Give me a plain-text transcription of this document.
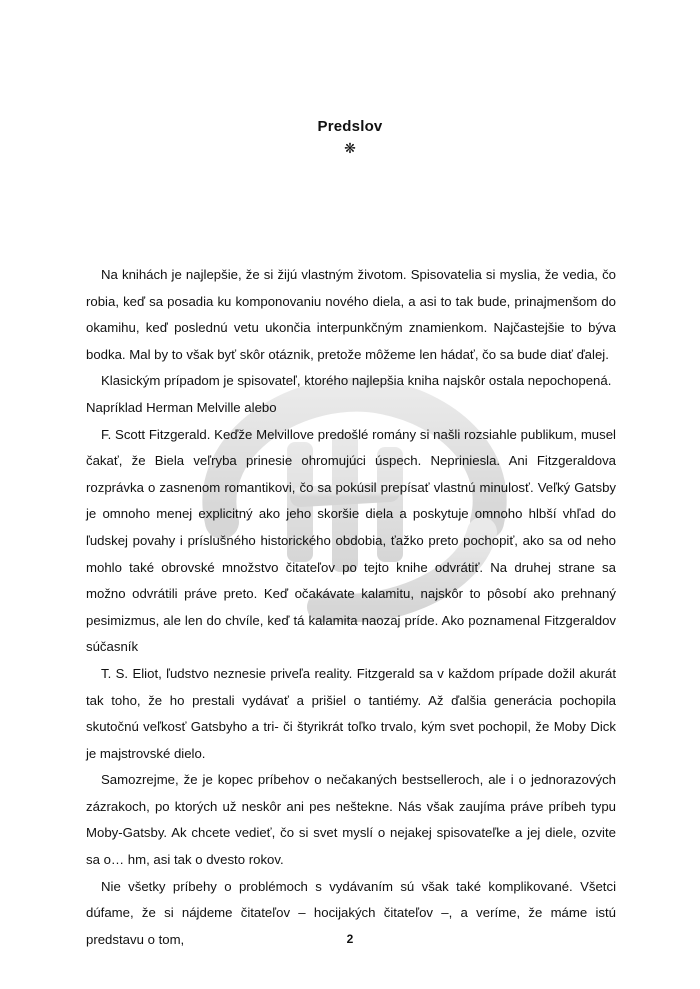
Predslov
❋

Na knihách je najlepšie, že si žijú vlastným životom. Spisovatelia si myslia, že vedia, čo robia, keď sa posadia ku komponovaniu nového diela, a asi to tak bude, prinajmenšom do okamihu, keď poslednú vetu ukončia interpunkčným znamienkom. Najčastejšie to býva bodka. Mal by to však byť skôr otáznik, pretože môžeme len hádať, čo sa bude diať ďalej.

Klasickým prípadom je spisovateľ, ktorého najlepšia kniha najskôr ostala nepochopená. Napríklad Herman Melville alebo

F. Scott Fitzgerald. Keďže Melvillove predošlé romány si našli rozsiahle publikum, musel čakať, že Biela veľryba prinesie ohromujúci úspech. Nepriniesla. Ani Fitzgeraldova rozprávka o zasnenom romantikovi, čo sa pokúsil prepísať vlastnú minulosť. Veľký Gatsby je omnoho menej explicitný ako jeho skoršie diela a poskytuje omnoho hlbší vhľad do ľudskej povahy i príslušného historického obdobia, ťažko preto pochopiť, ako sa od neho mohlo také obrovské množstvo čitateľov po tejto knihe odvrátiť. Na druhej strane sa možno odvrátili práve preto. Keď očakávate kalamitu, najskôr to pôsobí ako prehnaný pesimizmus, ale len do chvíle, keď tá kalamita naozaj príde. Ako poznamenal Fitzgeraldov súčasník

T. S. Eliot, ľudstvo neznesie priveľa reality. Fitzgerald sa v každom prípade dožil akurát tak toho, že ho prestali vydávať a prišiel o tantiémy. Až ďalšia generácia pochopila skutočnú veľkosť Gatsbyho a tri- či štyrikrát toľko trvalo, kým svet pochopil, že Moby Dick je majstrovské dielo.

Samozrejme, že je kopec príbehov o nečakaných bestselleroch, ale i o jednorazových zázrakoch, po ktorých už neskôr ani pes neštekne. Nás však zaujíma práve príbeh typu Moby-Gatsby. Ak chcete vedieť, čo si svet myslí o nejakej spisovateľke a jej diele, ozvite sa o… hm, asi tak o dvesto rokov.

Nie všetky príbehy o problémoch s vydávaním sú však také komplikované. Všetci dúfame, že si nájdeme čitateľov – hocijakých čitateľov –, a veríme, že máme istú predstavu o tom,	2
